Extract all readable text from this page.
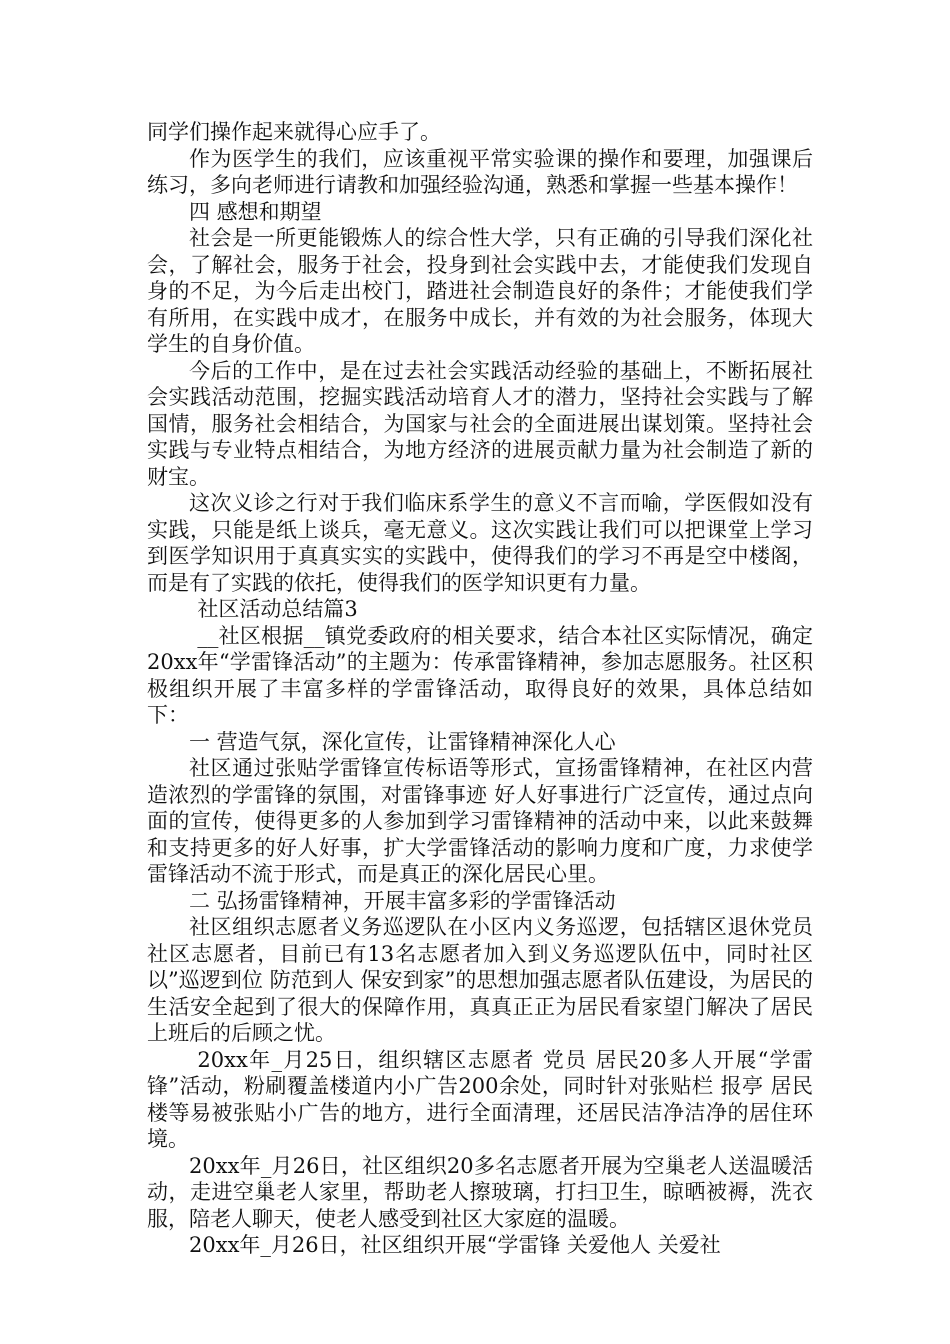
同学们操作起来就得心应手了。

作为医学生的我们，应该重视平常实验课的操作和要理，加强课后练习，多向老师进行请教和加强经验沟通，熟悉和掌握一些基本操作！

四 感想和期望

社会是一所更能锻炼人的综合性大学，只有正确的引导我们深化社会，了解社会，服务于社会，投身到社会实践中去，才能使我们发现自身的不足，为今后走出校门，踏进社会制造良好的条件；才能使我们学有所用，在实践中成才，在服务中成长，并有效的为社会服务，体现大学生的自身价值。

今后的工作中，是在过去社会实践活动经验的基础上，不断拓展社会实践活动范围，挖掘实践活动培育人才的潜力，坚持社会实践与了解国情，服务社会相结合，为国家与社会的全面进展出谋划策。坚持社会实践与专业特点相结合，为地方经济的进展贡献力量为社会制造了新的财宝。

这次义诊之行对于我们临床系学生的意义不言而喻，学医假如没有实践，只能是纸上谈兵，毫无意义。这次实践让我们可以把课堂上学习到医学知识用于真真实实的实践中，使得我们的学习不再是空中楼阁，而是有了实践的依托，使得我们的医学知识更有力量。

社区活动总结篇3

__社区根据__镇党委政府的相关要求，结合本社区实际情况，确定20xx年“学雷锋活动”的主题为：传承雷锋精神，参加志愿服务。社区积极组织开展了丰富多样的学雷锋活动，取得良好的效果，具体总结如下：

一 营造气氛，深化宣传，让雷锋精神深化人心

社区通过张贴学雷锋宣传标语等形式，宣扬雷锋精神，在社区内营造浓烈的学雷锋的氛围，对雷锋事迹 好人好事进行广泛宣传，通过点向面的宣传，使得更多的人参加到学习雷锋精神的活动中来，以此来鼓舞和支持更多的好人好事，扩大学雷锋活动的影响力度和广度，力求使学雷锋活动不流于形式，而是真正的深化居民心里。

二 弘扬雷锋精神，开展丰富多彩的学雷锋活动

社区组织志愿者义务巡逻队在小区内义务巡逻，包括辖区退休党员 社区志愿者，目前已有13名志愿者加入到义务巡逻队伍中，同时社区以”巡逻到位 防范到人 保安到家”的思想加强志愿者队伍建设，为居民的生活安全起到了很大的保障作用，真真正正为居民看家望门解决了居民上班后的后顾之忧。

20xx年_月25日，组织辖区志愿者 党员 居民20多人开展“学雷锋”活动，粉刷覆盖楼道内小广告200余处，同时针对张贴栏 报亭 居民楼等易被张贴小广告的地方，进行全面清理，还居民洁净洁净的居住环境。

20xx年_月26日，社区组织20多名志愿者开展为空巢老人送温暖活动，走进空巢老人家里，帮助老人擦玻璃，打扫卫生，晾晒被褥，洗衣服，陪老人聊天，使老人感受到社区大家庭的温暖。

20xx年_月26日，社区组织开展“学雷锋 关爱他人 关爱社
